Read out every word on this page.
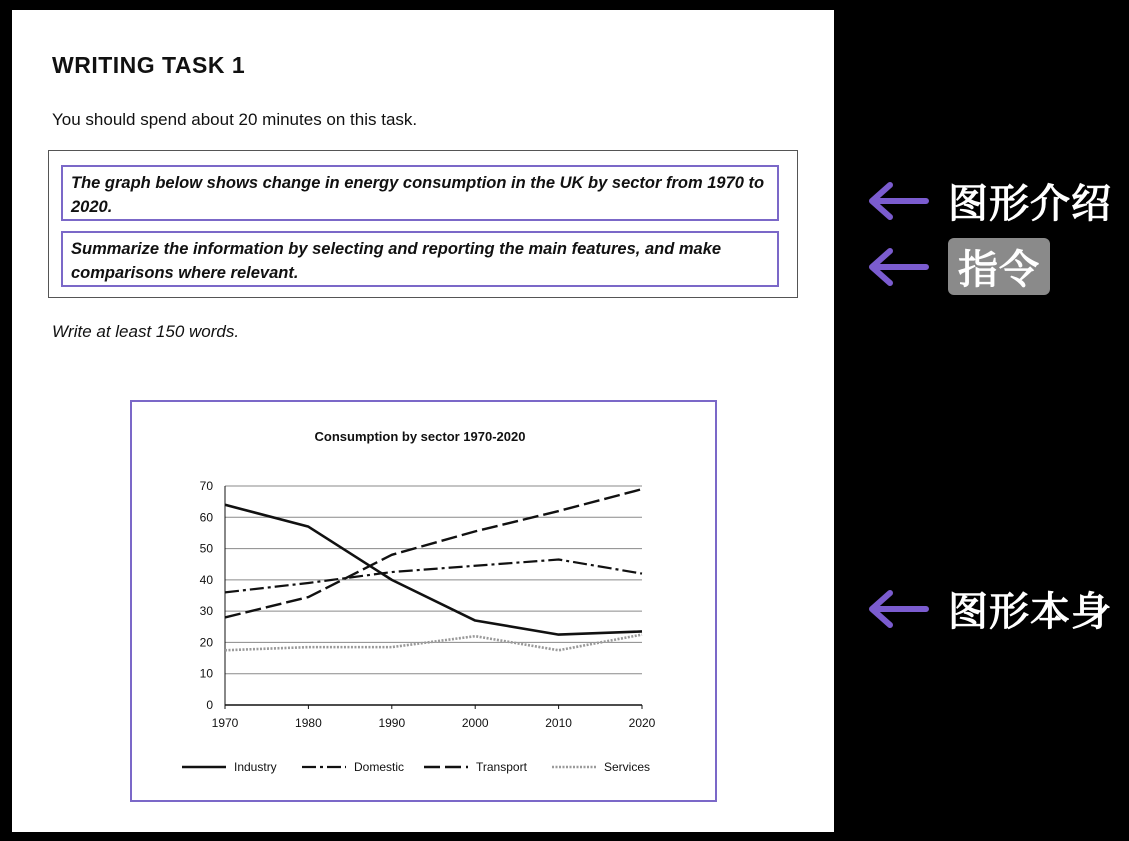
WRITING TASK 1
You should spend about 20 minutes on this task.
The graph below shows change in energy consumption in the UK by sector from 1970 to 2020.
Summarize the information by selecting and reporting the main features, and make comparisons where relevant.
Write at least 150 words.
Consumption by sector 1970-2020
0
10
20
30
40
50
60
70
1970	1980	1990	2000	2010	2020
Industry	Domestic	Transport	Services
图形介绍
指令
图形本身
